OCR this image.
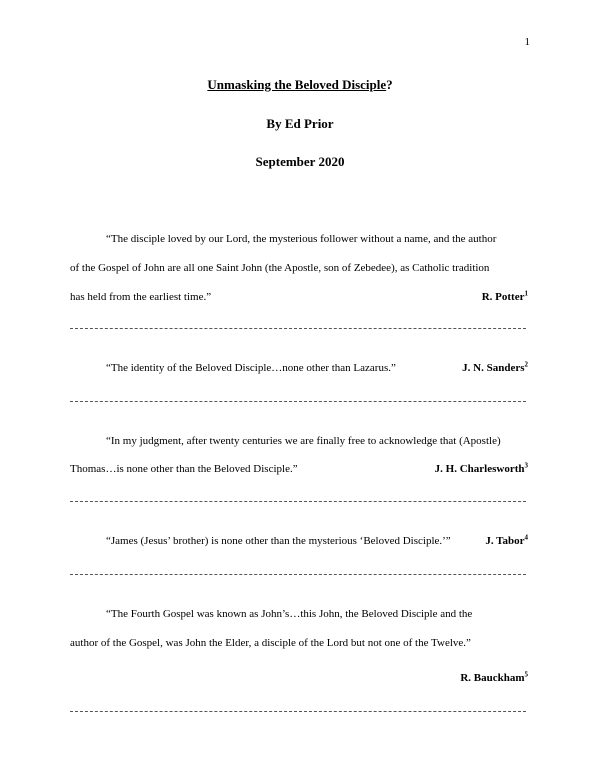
1
Unmasking the Beloved Disciple?
By Ed Prior
September 2020
“The disciple loved by our Lord, the mysterious follower without a name, and the author
of the Gospel of John are all one Saint John (the Apostle, son of Zebedee), as Catholic tradition
has held from the earliest time.”	R. Potter$^1$
“The identity of the Beloved Disciple…none other than Lazarus.”	J. N. Sanders$^2$
“In my judgment, after twenty centuries we are finally free to acknowledge that (Apostle)
Thomas…is none other than the Beloved Disciple.”	J. H. Charlesworth$^3$
“James (Jesus’ brother) is none other than the mysterious ‘Beloved Disciple.’”	J. Tabor$^4$
“The Fourth Gospel was known as John’s…this John, the Beloved Disciple and the
author of the Gospel, was John the Elder, a disciple of the Lord but not one of the Twelve.”
R. Bauckham$^5$
